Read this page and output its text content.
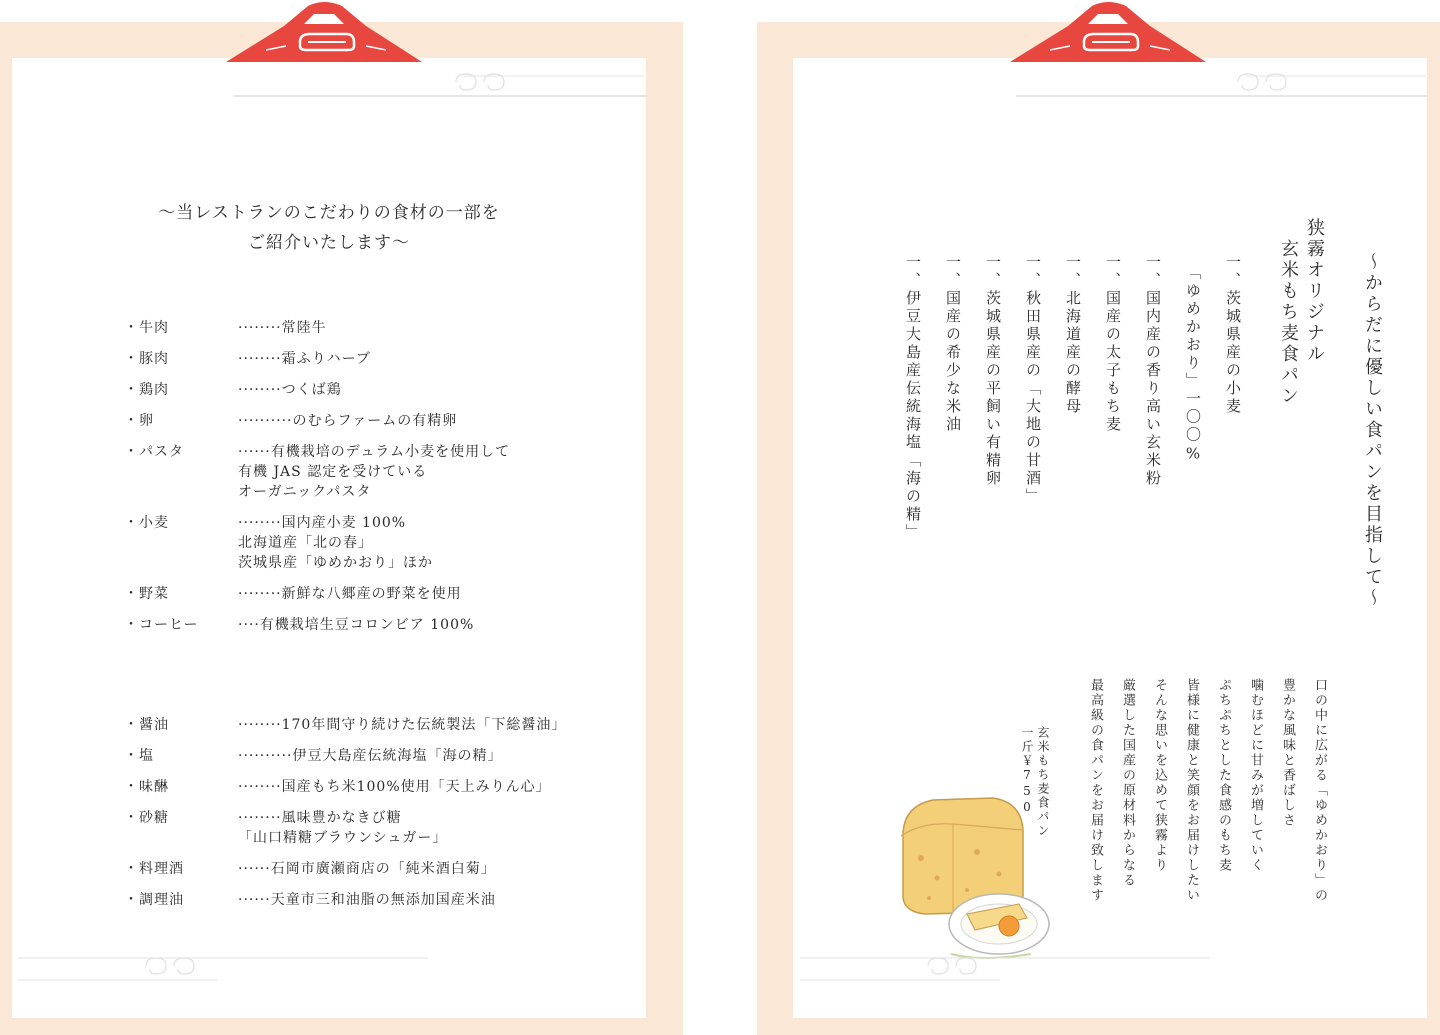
～当レストランのこだわりの食材の一部を
ご紹介いたします～
・牛肉	········常陸牛
・豚肉	········霜ふりハーブ
・鶏肉	········つくば鶏
・卵	··········のむらファームの有精卵
・パスタ	······有機栽培のデュラム小麦を使用して
有機 JAS 認定を受けている
オーガニックパスタ
・小麦	········国内産小麦 100%
北海道産「北の春」
茨城県産「ゆめかおり」ほか
・野菜	········新鮮な八郷産の野菜を使用
・コーヒー	····有機栽培生豆コロンビア 100%
・醤油	········170年間守り続けた伝統製法「下総醤油」
・塩	··········伊豆大島産伝統海塩「海の精」
・味醂	········国産もち米100%使用「天上みりん心」
・砂糖	········風味豊かなきび糖
「山口精糖ブラウンシュガー」
・料理酒	······石岡市廣瀬商店の「純米酒白菊」
・調理油	······天童市三和油脂の無添加国産米油
～からだに優しい食パンを目指して～
狭霧オリジナル
　玄米もち麦食パン
一、茨城県産の小麦
　「ゆめかおり」一〇〇%
一、国内産の香り高い玄米粉
一、国産の太子もち麦
一、北海道産の酵母
一、秋田県産の「大地の甘酒」
一、茨城県産の平飼い有精卵
一、国産の希少な米油
一、伊豆大島産伝統海塩「海の精」
口の中に広がる「ゆめかおり」の
豊かな風味と香ばしさ
噛むほどに甘みが増していく
ぷちぷちとした食感のもち麦
皆様に健康と笑顔をお届けしたい
そんな思いを込めて狭霧より
厳選した国産の原材料からなる
最高級の食パンをお届け致します
玄米もち麦食パン
一斤￥750
